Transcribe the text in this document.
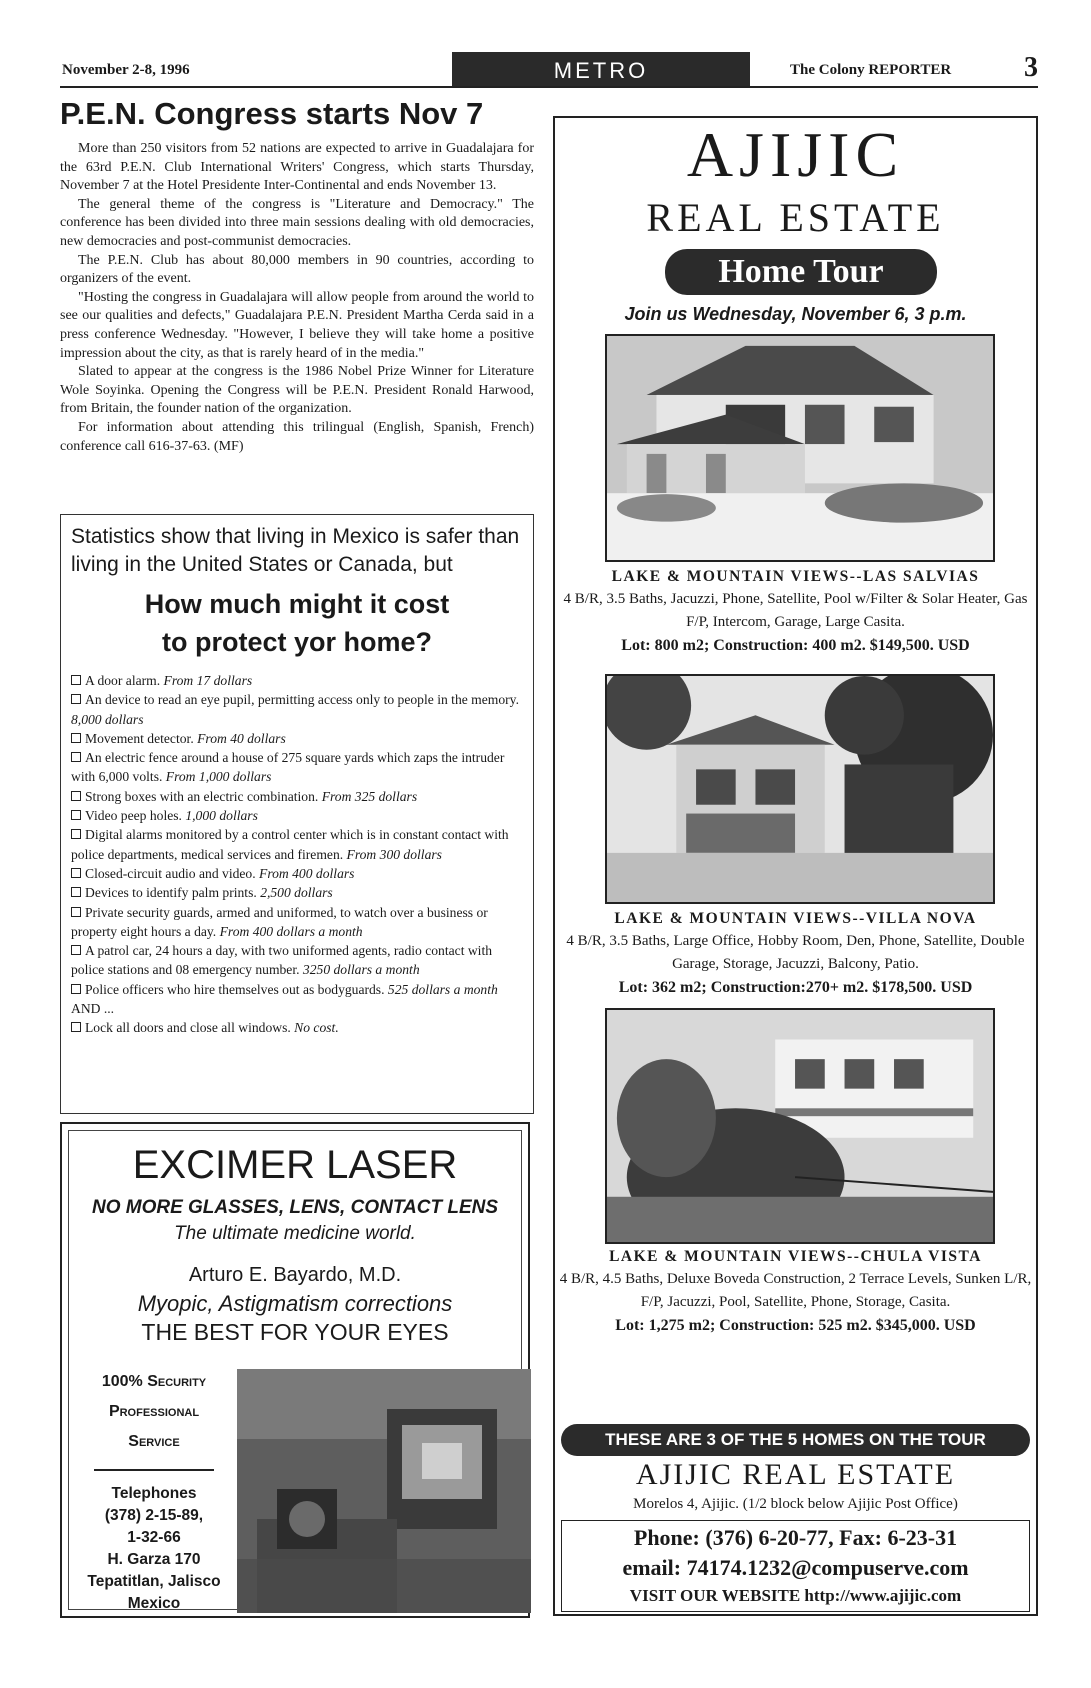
November 2-8, 1996	METRO	The Colony REPORTER	3
P.E.N. Congress starts Nov 7

More than 250 visitors from 52 nations are expected to arrive in Guadalajara for the 63rd P.E.N. Club International Writers' Congress, which starts Thursday, November 7 at the Hotel Presidente Inter-Continental and ends November 13.

The general theme of the congress is "Literature and Democracy." The conference has been divided into three main sessions dealing with old democracies, new democracies and post-communist democracies.

The P.E.N. Club has about 80,000 members in 90 countries, according to organizers of the event.

"Hosting the congress in Guadalajara will allow people from around the world to see our qualities and defects," Guadalajara P.E.N. President Martha Cerda said in a press conference Wednesday. "However, I believe they will take home a positive impression about the city, as that is rarely heard of in the media."

Slated to appear at the congress is the 1986 Nobel Prize Winner for Literature Wole Soyinka. Opening the Congress will be P.E.N. President Ronald Harwood, from Britain, the founder nation of the organization.

For information about attending this trilingual (English, Spanish, French) conference call 616-37-63. (MF)

Statistics show that living in Mexico is safer than living in the United States or Canada, but
How much might it cost
to protect yor home?
A door alarm. From 17 dollars
An device to read an eye pupil, permitting access only to people in the memory. 8,000 dollars
Movement detector. From 40 dollars
An electric fence around a house of 275 square yards which zaps the intruder with 6,000 volts. From 1,000 dollars
Strong boxes with an electric combination. From 325 dollars
Video peep holes. 1,000 dollars
Digital alarms monitored by a control center which is in constant contact with police departments, medical services and firemen. From 300 dollars
Closed-circuit audio and video. From 400 dollars
Devices to identify palm prints. 2,500 dollars
Private security guards, armed and uniformed, to watch over a business or property eight hours a day. From 400 dollars a month
A patrol car, 24 hours a day, with two uniformed agents, radio contact with police stations and 08 emergency number. 3250 dollars a month
Police officers who hire themselves out as bodyguards. 525 dollars a month
AND ...
Lock all doors and close all windows. No cost.
EXCIMER LASER
NO MORE GLASSES, LENS, CONTACT LENS
The ultimate medicine world.
Arturo E. Bayardo, M.D.
Myopic, Astigmatism corrections
THE BEST FOR YOUR EYES
100% Security
Professional
Service
Telephones
(378) 2-15-89,
1-32-66
H. Garza 170
Tepatitlan, Jalisco
Mexico
AJIJIC
REAL ESTATE
Home Tour
Join us Wednesday, November 6, 3 p.m.
LAKE & MOUNTAIN VIEWS--LAS SALVIAS
4 B/R, 3.5 Baths, Jacuzzi, Phone, Satellite, Pool w/Filter & Solar Heater, Gas F/P, Intercom, Garage, Large Casita.
Lot: 800 m2; Construction: 400 m2. $149,500. USD
LAKE & MOUNTAIN VIEWS--VILLA NOVA
4 B/R, 3.5 Baths, Large Office, Hobby Room, Den, Phone, Satellite, Double Garage, Storage, Jacuzzi, Balcony, Patio.
Lot: 362 m2; Construction:270+ m2. $178,500. USD
LAKE & MOUNTAIN VIEWS--CHULA VISTA
4 B/R, 4.5 Baths, Deluxe Boveda Construction, 2 Terrace Levels, Sunken L/R, F/P, Jacuzzi, Pool, Satellite, Phone, Storage, Casita.
Lot: 1,275 m2; Construction: 525 m2. $345,000. USD
THESE ARE 3 OF THE 5 HOMES ON THE TOUR
AJIJIC REAL ESTATE
Morelos 4, Ajijic. (1/2 block below Ajijic Post Office)
Phone: (376) 6-20-77, Fax: 6-23-31
email: 74174.1232@compuserve.com
VISIT OUR WEBSITE http://www.ajijic.com
